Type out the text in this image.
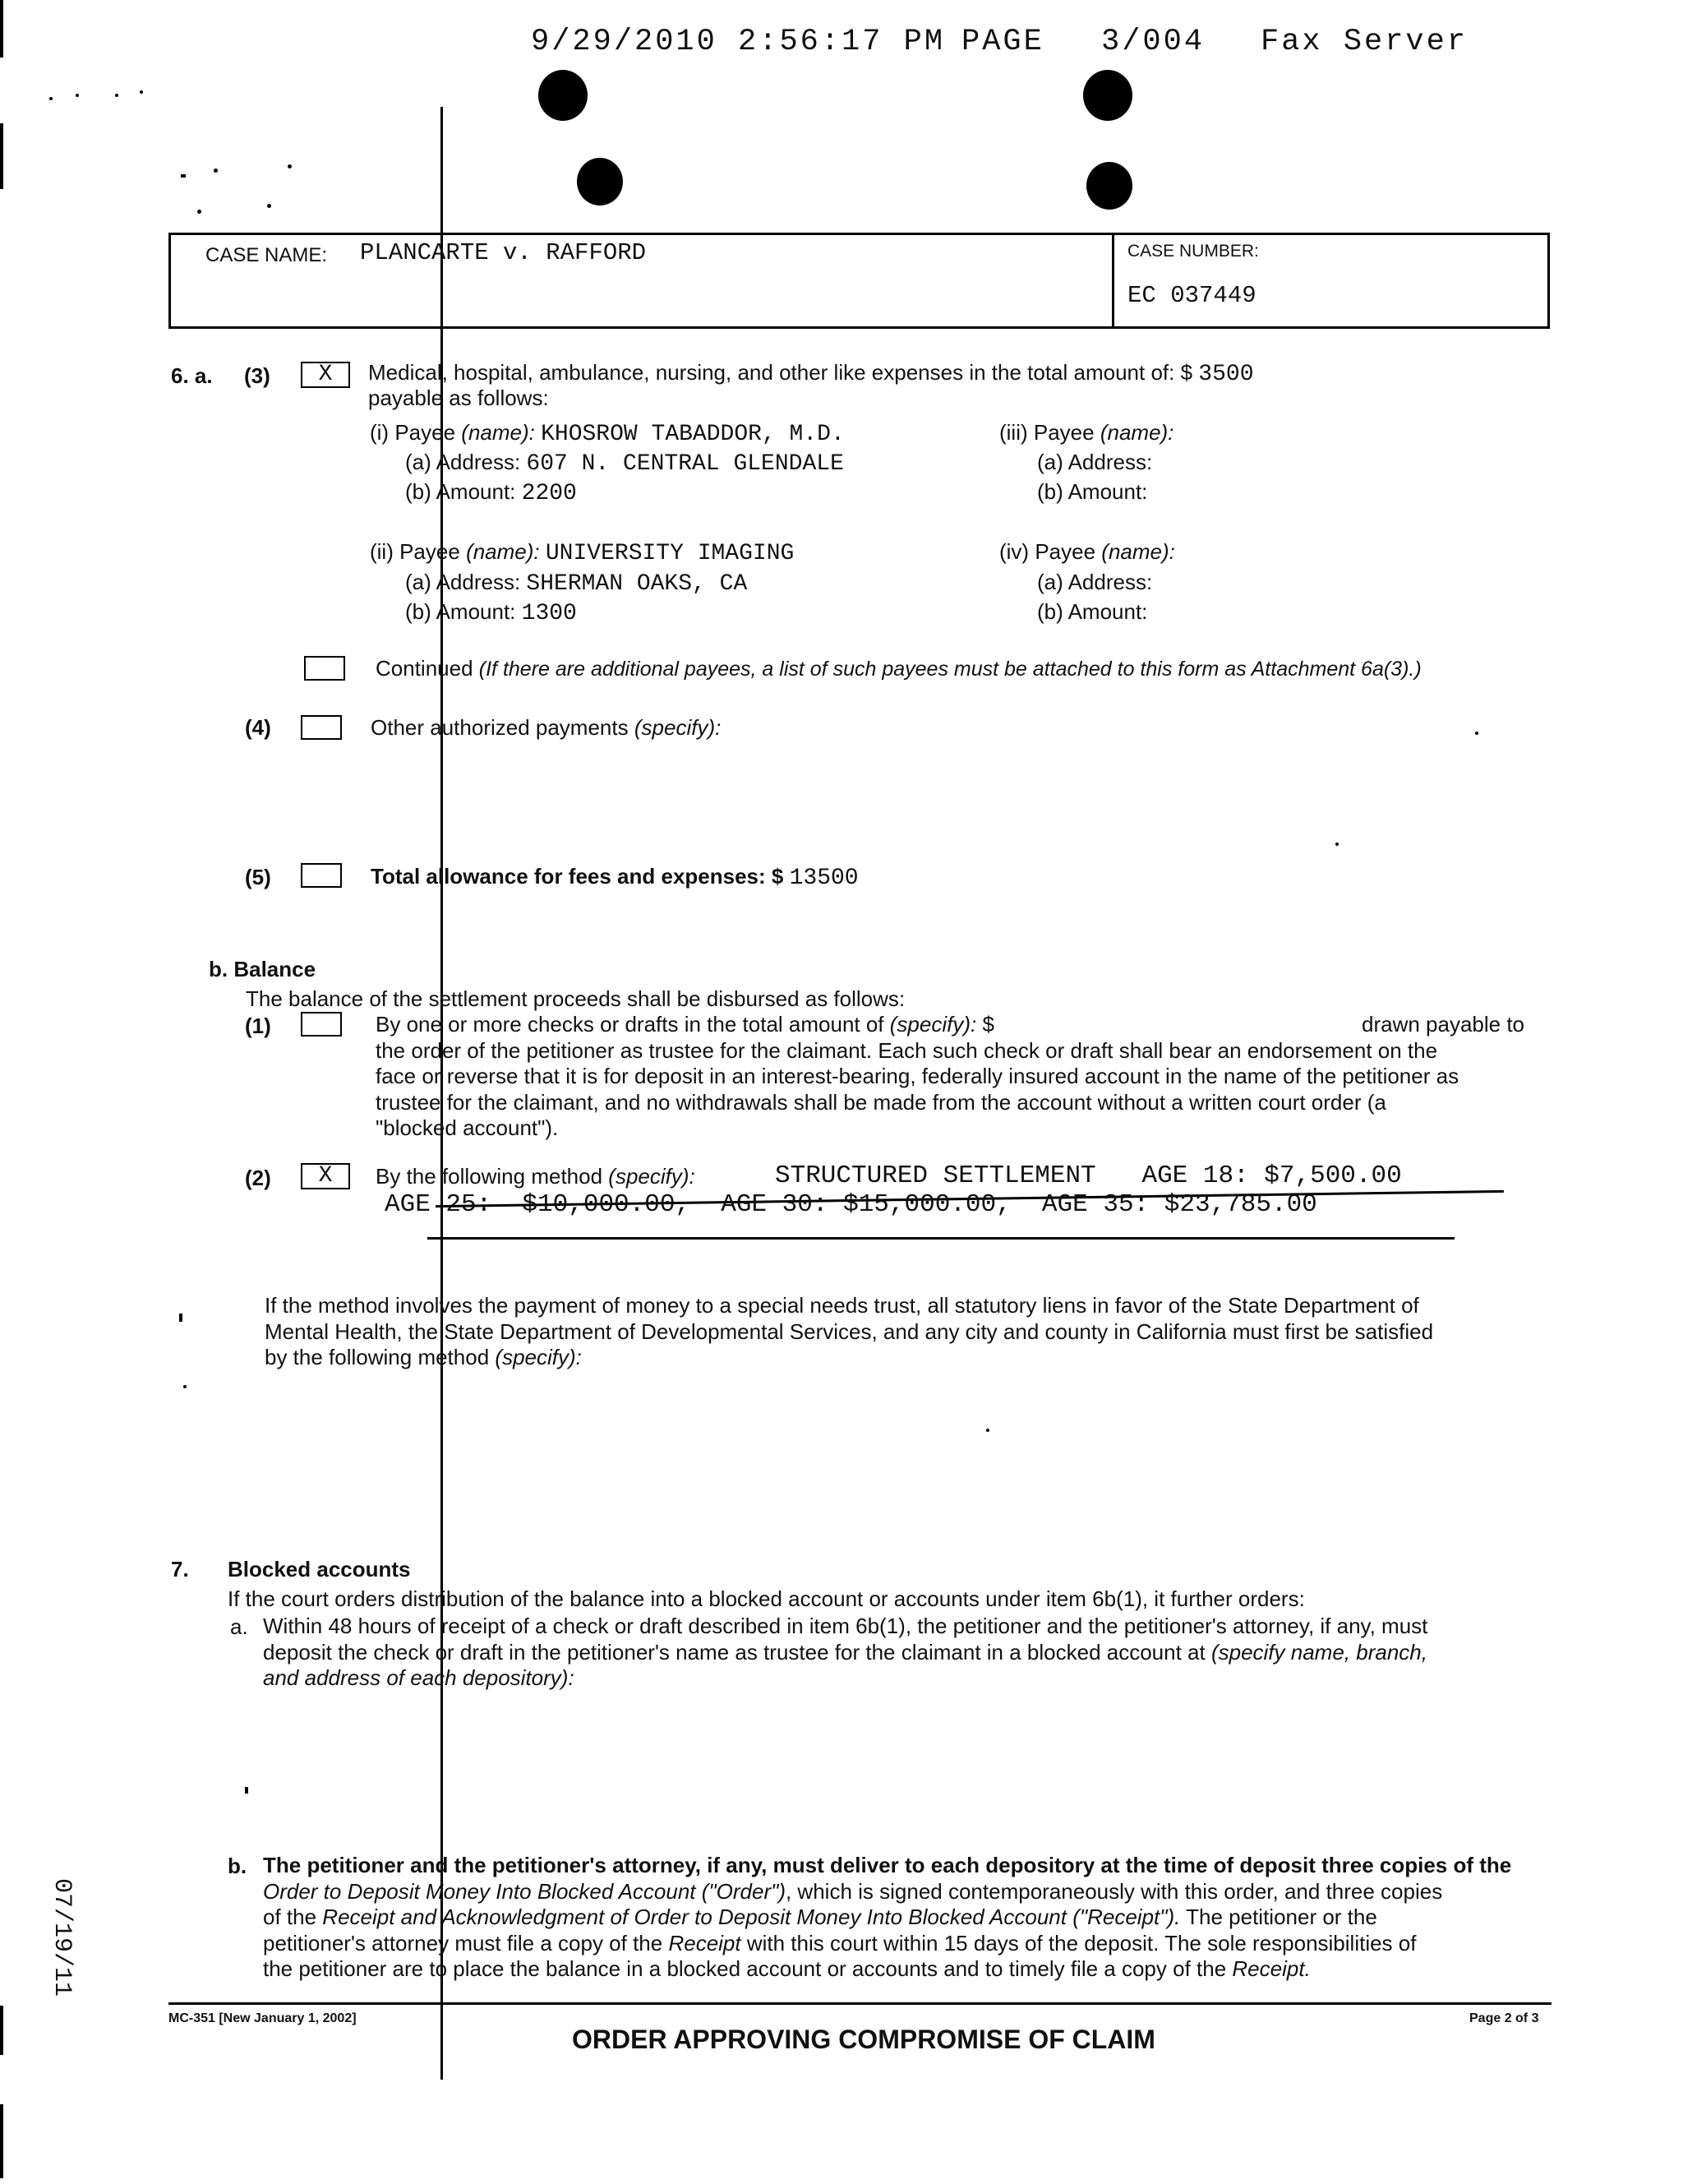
9/29/2010 2:56:17 PM PAGE 3/004 Fax Server
CASE NAME: PLANCARTE v. RAFFORD	CASE NUMBER:
EC 037449
6. a. (3)	X	Medical, hospital, ambulance, nursing, and other like expenses in the total amount of: $ 3500
payable as follows:
(i) Payee (name): KHOSROW TABADDOR, M.D.
(a) Address: 607 N. CENTRAL GLENDALE
(b) Amount: 2200
(ii) Payee (name): UNIVERSITY IMAGING
(a) Address: SHERMAN OAKS, CA
(b) Amount: 1300
(iii) Payee (name):
(a) Address:
(b) Amount:
(iv) Payee (name):
(a) Address:
(b) Amount:
Continued (If there are additional payees, a list of such payees must be attached to this form as Attachment 6a(3).)
(4)	Other authorized payments (specify):
(5)	Total allowance for fees and expenses: $ 13500
b. Balance
The balance of the settlement proceeds shall be disbursed as follows:
(1)	By one or more checks or drafts in the total amount of (specify): $	drawn payable to
the order of the petitioner as trustee for the claimant. Each such check or draft shall bear an endorsement on the
face or reverse that it is for deposit in an interest-bearing, federally insured account in the name of the petitioner as
trustee for the claimant, and no withdrawals shall be made from the account without a written court order (a
"blocked account").
(2)	X	By the following method (specify):	STRUCTURED SETTLEMENT   AGE 18: $7,500.00
AGE 25:  $10,000.00,  AGE 30: $15,000.00,  AGE 35: $23,785.00
If the method involves the payment of money to a special needs trust, all statutory liens in favor of the State Department of
Mental Health, the State Department of Developmental Services, and any city and county in California must first be satisfied
by the following method (specify):
7. Blocked accounts
If the court orders distribution of the balance into a blocked account or accounts under item 6b(1), it further orders:
a. Within 48 hours of receipt of a check or draft described in item 6b(1), the petitioner and the petitioner's attorney, if any, must
deposit the check or draft in the petitioner's name as trustee for the claimant in a blocked account at (specify name, branch,
and address of each depository):
b. The petitioner and the petitioner's attorney, if any, must deliver to each depository at the time of deposit three copies of the
Order to Deposit Money Into Blocked Account ("Order"), which is signed contemporaneously with this order, and three copies
of the Receipt and Acknowledgment of Order to Deposit Money Into Blocked Account ("Receipt"). The petitioner or the
petitioner's attorney must file a copy of the Receipt with this court within 15 days of the deposit. The sole responsibilities of
the petitioner are to place the balance in a blocked account or accounts and to timely file a copy of the Receipt.
MC-351 [New January 1, 2002]
ORDER APPROVING COMPROMISE OF CLAIM
Page 2 of 3
07/19/11
